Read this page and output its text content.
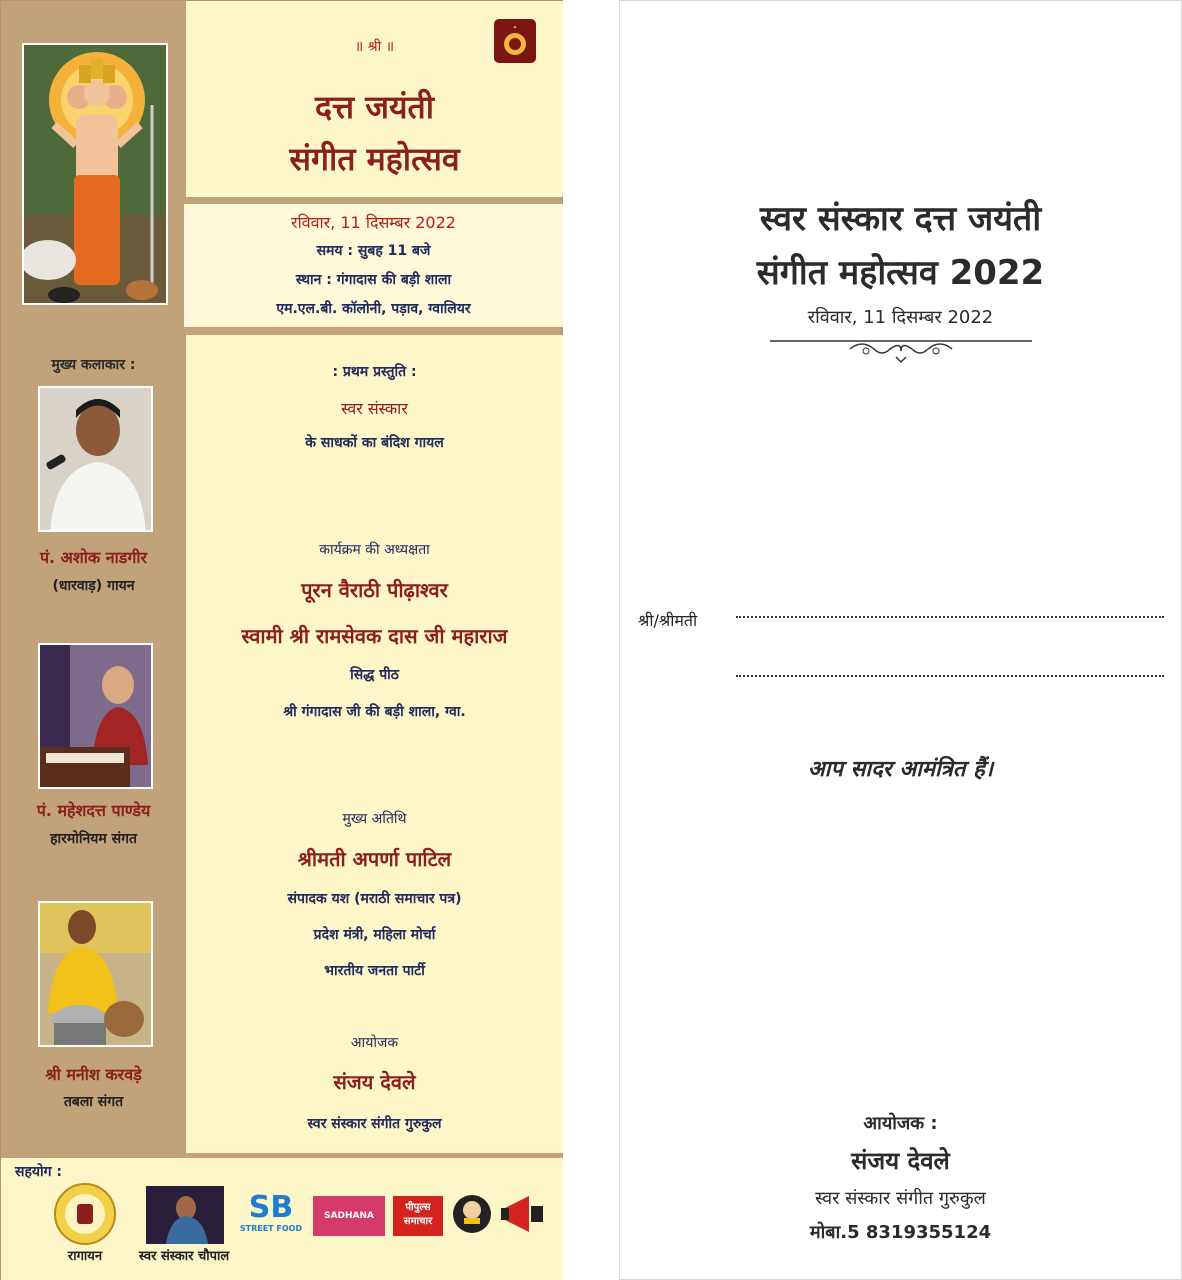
॥ श्री ॥
दत्त जयंती
संगीत महोत्सव
✦
रविवार, 11 दिसम्बर 2022
समय : सुबह 11 बजे
स्थान : गंगादास की बड़ी शाला
एम.एल.बी. कॉलोनी, पड़ाव, ग्वालियर
: प्रथम प्रस्तुति :
स्वर संस्कार
के साधकों का बंदिश गायल
कार्यक्रम की अध्यक्षता
पूरन वैराठी पीढ़ाश्वर
स्वामी श्री रामसेवक दास जी महाराज
सिद्ध पीठ
श्री गंगादास जी की बड़ी शाला, ग्वा.
मुख्य अतिथि
श्रीमती अपर्णा पाटिल
संपादक यश (मराठी समाचार पत्र)
प्रदेश मंत्री, महिला मोर्चा
भारतीय जनता पार्टी
आयोजक
संजय देवले
स्वर संस्कार संगीत गुरुकुल
मुख्य कलाकार :
पं. अशोक नाडगीर
(धारवाड़) गायन
पं. महेशदत्त पाण्डेय
हारमोनियम संगत
श्री मनीश करवड़े
तबला संगत
सहयोग :
रागायन	स्वर संस्कार चौपाल
SB
STREET FOOD
SADHANA
पीपुल्स समाचार
स्वर संस्कार दत्त जयंती
संगीत महोत्सव 2022
रविवार, 11 दिसम्बर 2022
श्री/श्रीमती
आप सादर आमंत्रित हैं।
आयोजक :
संजय देवले
स्वर संस्कार संगीत गुरुकुल
मोबा.5 8319355124
